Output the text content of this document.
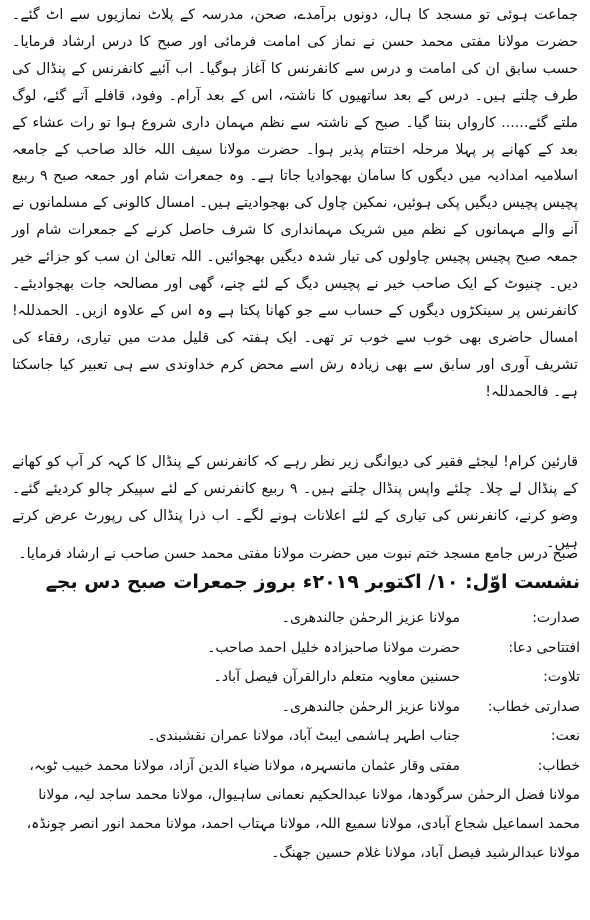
جماعت ہوئی تو مسجد کا ہال، دونوں برآمدے، صحن، مدرسہ کے پلاٹ نمازیوں سے اٹ گئے۔ حضرت مولانا مفتی محمد حسن نے نماز کی امامت فرمائی اور صبح کا درس ارشاد فرمایا۔ حسب سابق ان کی امامت و درس سے کانفرنس کا آغاز ہوگیا۔ اب آئیے کانفرنس کے پنڈال کی طرف چلتے ہیں۔ درس کے بعد ساتھیوں کا ناشتہ، اس کے بعد آرام۔ وفود، قافلے آتے گئے، لوگ ملتے گئے...... کارواں بنتا گیا۔ صبح کے ناشتہ سے نظم مہمان داری شروع ہوا تو رات عشاء کے بعد کے کھانے پر پہلا مرحلہ اختتام پذیر ہوا۔ حضرت مولانا سیف اللہ خالد صاحب کے جامعہ اسلامیہ امدادیہ میں دیگوں کا سامان بھجوادیا جاتا ہے۔ وہ جمعرات شام اور جمعہ صبح ۹ ربیع پچیس پچیس دیگیں پکی ہوئیں، نمکین چاول کی بھجوادیتے ہیں۔ امسال کالونی کے مسلمانوں نے آنے والے مہمانوں کے نظم میں شریک مہمانداری کا شرف حاصل کرنے کے جمعرات شام اور جمعہ صبح پچیس پچیس چاولوں کی تیار شدہ دیگیں بھجوائیں۔ اللہ تعالیٰ ان سب کو جزائے خیر دیں۔ چنیوٹ کے ایک صاحب خیر نے پچیس دیگ کے لئے چنے، گھی اور مصالحہ جات بھجوادیئے۔ کانفرنس پر سینکڑوں دیگوں کے حساب سے جو کھانا پکتا ہے وہ اس کے علاوہ ازیں۔ الحمدللہ! امسال حاضری بھی خوب سے خوب تر تھی۔ ایک ہفتہ کی قلیل مدت میں تیاری، رفقاء کی تشریف آوری اور سابق سے بھی زیادہ رش اسے محض کرم خداوندی سے ہی تعبیر کیا جاسکتا ہے۔ فالحمدللہ!

قارئین کرام! لیجئے فقیر کی دیوانگی زیر نظر رہے کہ کانفرنس کے پنڈال کا کہہ کر آپ کو کھانے کے پنڈال لے چلا۔ چلئے واپس پنڈال چلتے ہیں۔ ۹ ربیع کانفرنس کے لئے سپیکر چالو کردیئے گئے۔ وضو کرنے، کانفرنس کی تیاری کے لئے اعلانات ہونے لگے۔ اب ذرا پنڈال کی رپورٹ عرض کرتے ہیں۔

صبح درس جامع مسجد ختم نبوت میں حضرت مولانا مفتی محمد حسن صاحب نے ارشاد فرمایا۔

نشست اوّل: ۱۰/ اکتوبر ۲۰۱۹ء بروز جمعرات صبح دس بجے
صدارت:
مولانا عزیز الرحمٰن جالندھری۔
افتتاحی دعا:
حضرت مولانا صاحبزادہ خلیل احمد صاحب۔
تلاوت:
حسنین معاویہ متعلم دارالقرآن فیصل آباد۔
صدارتی خطاب:
مولانا عزیز الرحمٰن جالندھری۔
نعت:
جناب اطہر ہاشمی ایبٹ آباد، مولانا عمران نقشبندی۔
خطاب:
مفتی وقار عثمان مانسہرہ، مولانا ضیاء الدین آزاد، مولانا محمد خبیب ٹوبہ، مولانا فضل الرحمٰن سرگودھا، مولانا عبدالحکیم نعمانی ساہیوال، مولانا محمد ساجد لیہ، مولانا محمد اسماعیل شجاع آبادی، مولانا سمیع اللہ، مولانا مہتاب احمد، مولانا محمد انور انصر چونڈہ، مولانا عبدالرشید فیصل آباد، مولانا غلام حسین جھنگ۔
